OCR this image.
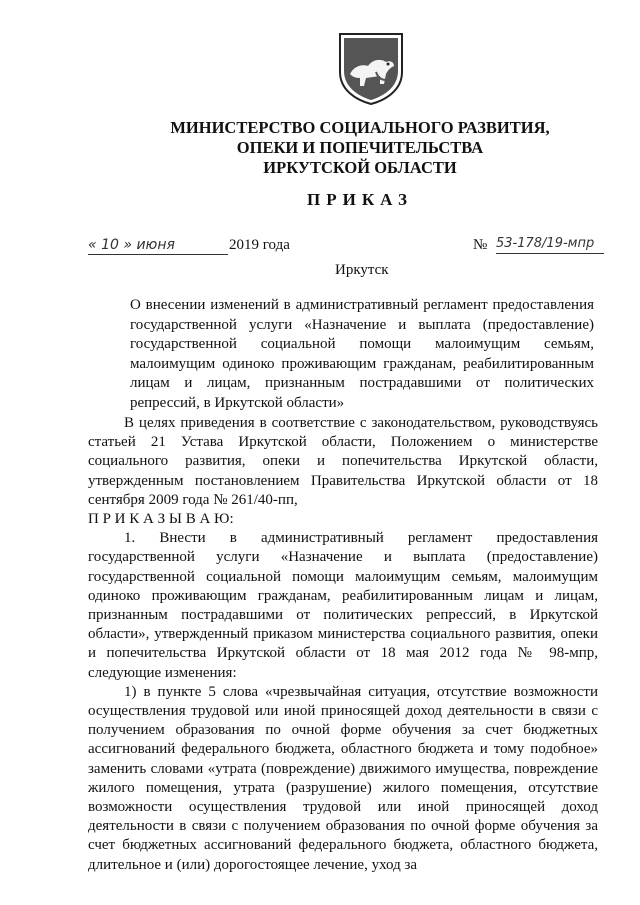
МИНИСТЕРСТВО СОЦИАЛЬНОГО РАЗВИТИЯ,
ОПЕКИ И ПОПЕЧИТЕЛЬСТВА
ИРКУТСКОЙ ОБЛАСТИ
ПРИКАЗ
« 10 » июня	2019 года	№ 53-178/19-мпр
Иркутск
О внесении изменений в административный регламент предоставления государственной услуги «Назначение и выплата (предоставление) государственной социальной помощи малоимущим семьям, малоимущим одиноко проживающим гражданам, реабилитированным лицам и лицам, признанным пострадавшими от политических репрессий, в Иркутской области»

В целях приведения в соответствие с законодательством, руководствуясь статьей 21 Устава Иркутской области, Положением о министерстве социального развития, опеки и попечительства Иркутской области, утвержденным постановлением Правительства Иркутской области от 18 сентября 2009 года № 261/40-пп,

П Р И К А З Ы В А Ю:

1. Внести в административный регламент предоставления государственной услуги «Назначение и выплата (предоставление) государственной социальной помощи малоимущим семьям, малоимущим одиноко проживающим гражданам, реабилитированным лицам и лицам, признанным пострадавшими от политических репрессий, в Иркутской области», утвержденный приказом министерства социального развития, опеки и попечительства Иркутской области от 18 мая 2012 года № 98-мпр, следующие изменения:

1) в пункте 5 слова «чрезвычайная ситуация, отсутствие возможности осуществления трудовой или иной приносящей доход деятельности в связи с получением образования по очной форме обучения за счет бюджетных ассигнований федерального бюджета, областного бюджета и тому подобное» заменить словами «утрата (повреждение) движимого имущества, повреждение жилого помещения, утрата (разрушение) жилого помещения, отсутствие возможности осуществления трудовой или иной приносящей доход деятельности в связи с получением образования по очной форме обучения за счет бюджетных ассигнований федерального бюджета, областного бюджета, длительное и (или) дорогостоящее лечение, уход за
